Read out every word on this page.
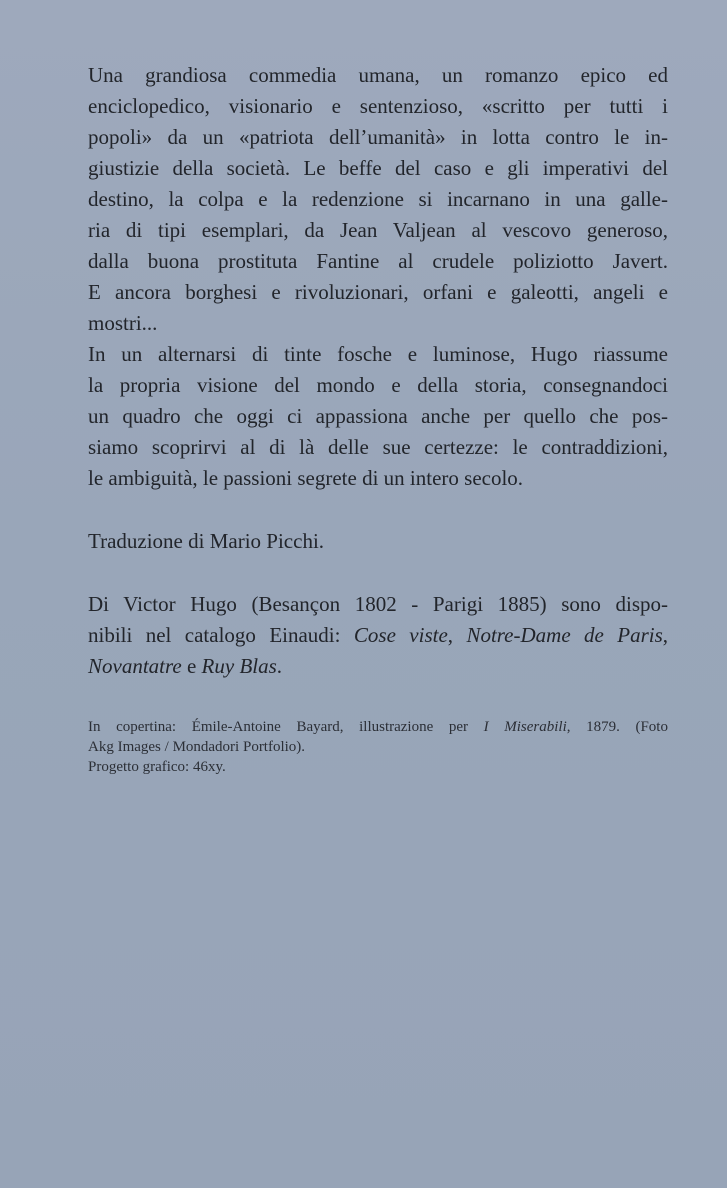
Una grandiosa commedia umana, un romanzo epico ed
enciclopedico, visionario e sentenzioso, «scritto per tutti i
popoli» da un «patriota dell’umanità» in lotta contro le in-
giustizie della società. Le beffe del caso e gli imperativi del
destino, la colpa e la redenzione si incarnano in una galle-
ria di tipi esemplari, da Jean Valjean al vescovo generoso,
dalla buona prostituta Fantine al crudele poliziotto Javert.
E ancora borghesi e rivoluzionari, orfani e galeotti, angeli e
mostri...

In un alternarsi di tinte fosche e luminose, Hugo riassume
la propria visione del mondo e della storia, consegnandoci
un quadro che oggi ci appassiona anche per quello che pos-
siamo scoprirvi al di là delle sue certezze: le contraddizioni,
le ambiguità, le passioni segrete di un intero secolo.

Traduzione di Mario Picchi.

Di Victor Hugo (Besançon 1802 - Parigi 1885) sono dispo-
nibili nel catalogo Einaudi: Cose viste, Notre-Dame de Paris,
Novantatre e Ruy Blas.

In copertina: Émile-Antoine Bayard, illustrazione per I Miserabili, 1879. (Foto
Akg Images / Mondadori Portfolio).
Progetto grafico: 46xy.
